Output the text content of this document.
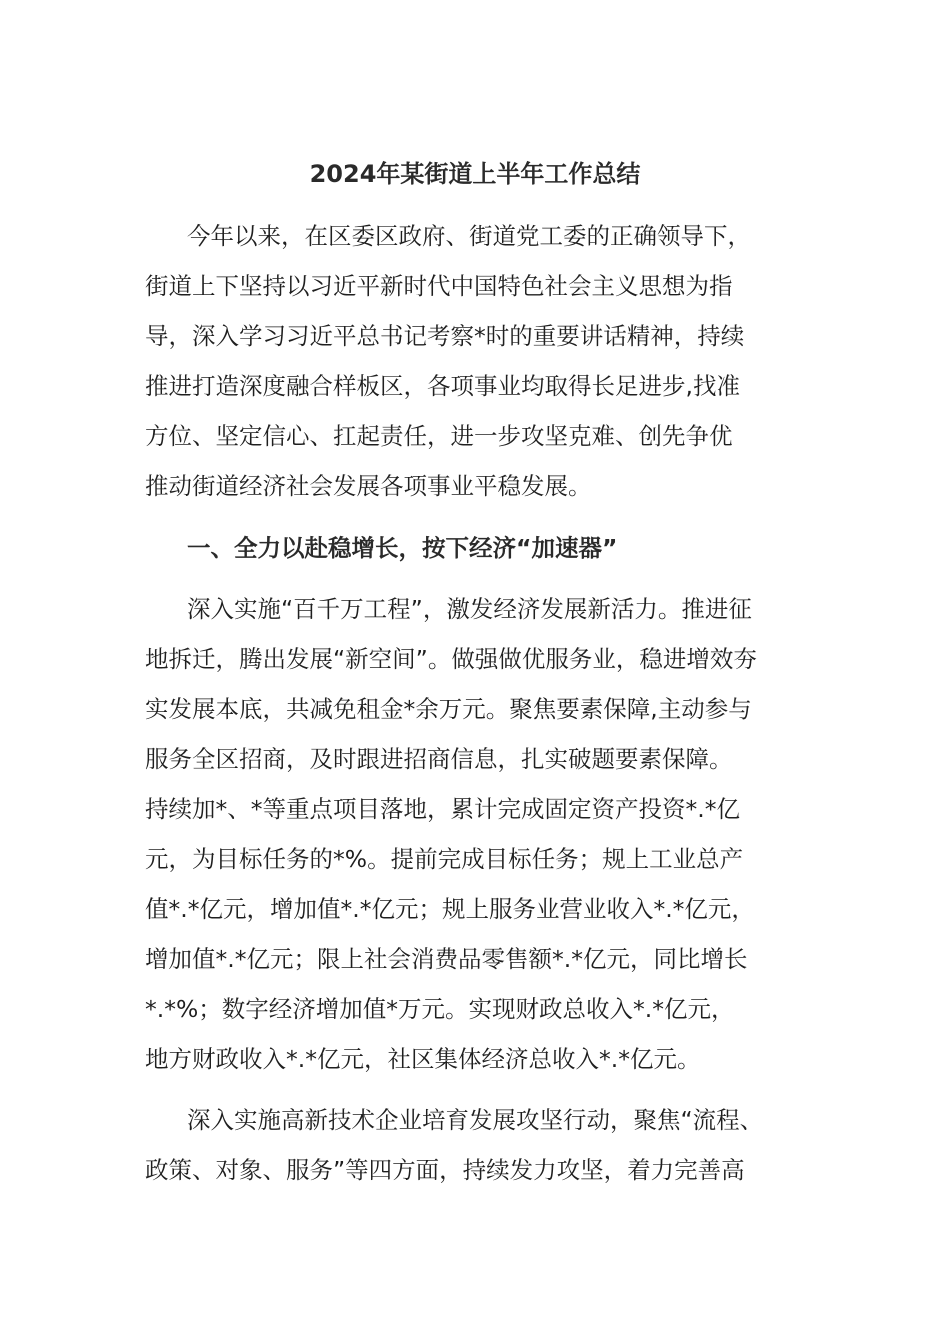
2024年某街道上半年工作总结

今年以来，在区委区政府、街道党工委的正确领导下，

街道上下坚持以习近平新时代中国特色社会主义思想为指

导，深入学习习近平总书记考察*时的重要讲话精神，持续

推进打造深度融合样板区，各项事业均取得长足进步,找准

方位、坚定信心、扛起责任，进一步攻坚克难、创先争优

推动街道经济社会发展各项事业平稳发展。

一、全力以赴稳增长，按下经济“加速器”

深入实施“百千万工程”，激发经济发展新活力。推进征

地拆迁，腾出发展“新空间”。做强做优服务业，稳进增效夯

实发展本底，共减免租金*余万元。聚焦要素保障,主动参与

服务全区招商，及时跟进招商信息，扎实破题要素保障。

持续加*、*等重点项目落地，累计完成固定资产投资*.*亿

元，为目标任务的*%。提前完成目标任务；规上工业总产

值*.*亿元，增加值*.*亿元；规上服务业营业收入*.*亿元，

增加值*.*亿元；限上社会消费品零售额*.*亿元，同比增长

*.*%；数字经济增加值*万元。实现财政总收入*.*亿元，

地方财政收入*.*亿元，社区集体经济总收入*.*亿元。

深入实施高新技术企业培育发展攻坚行动，聚焦“流程、

政策、对象、服务”等四方面，持续发力攻坚，着力完善高
